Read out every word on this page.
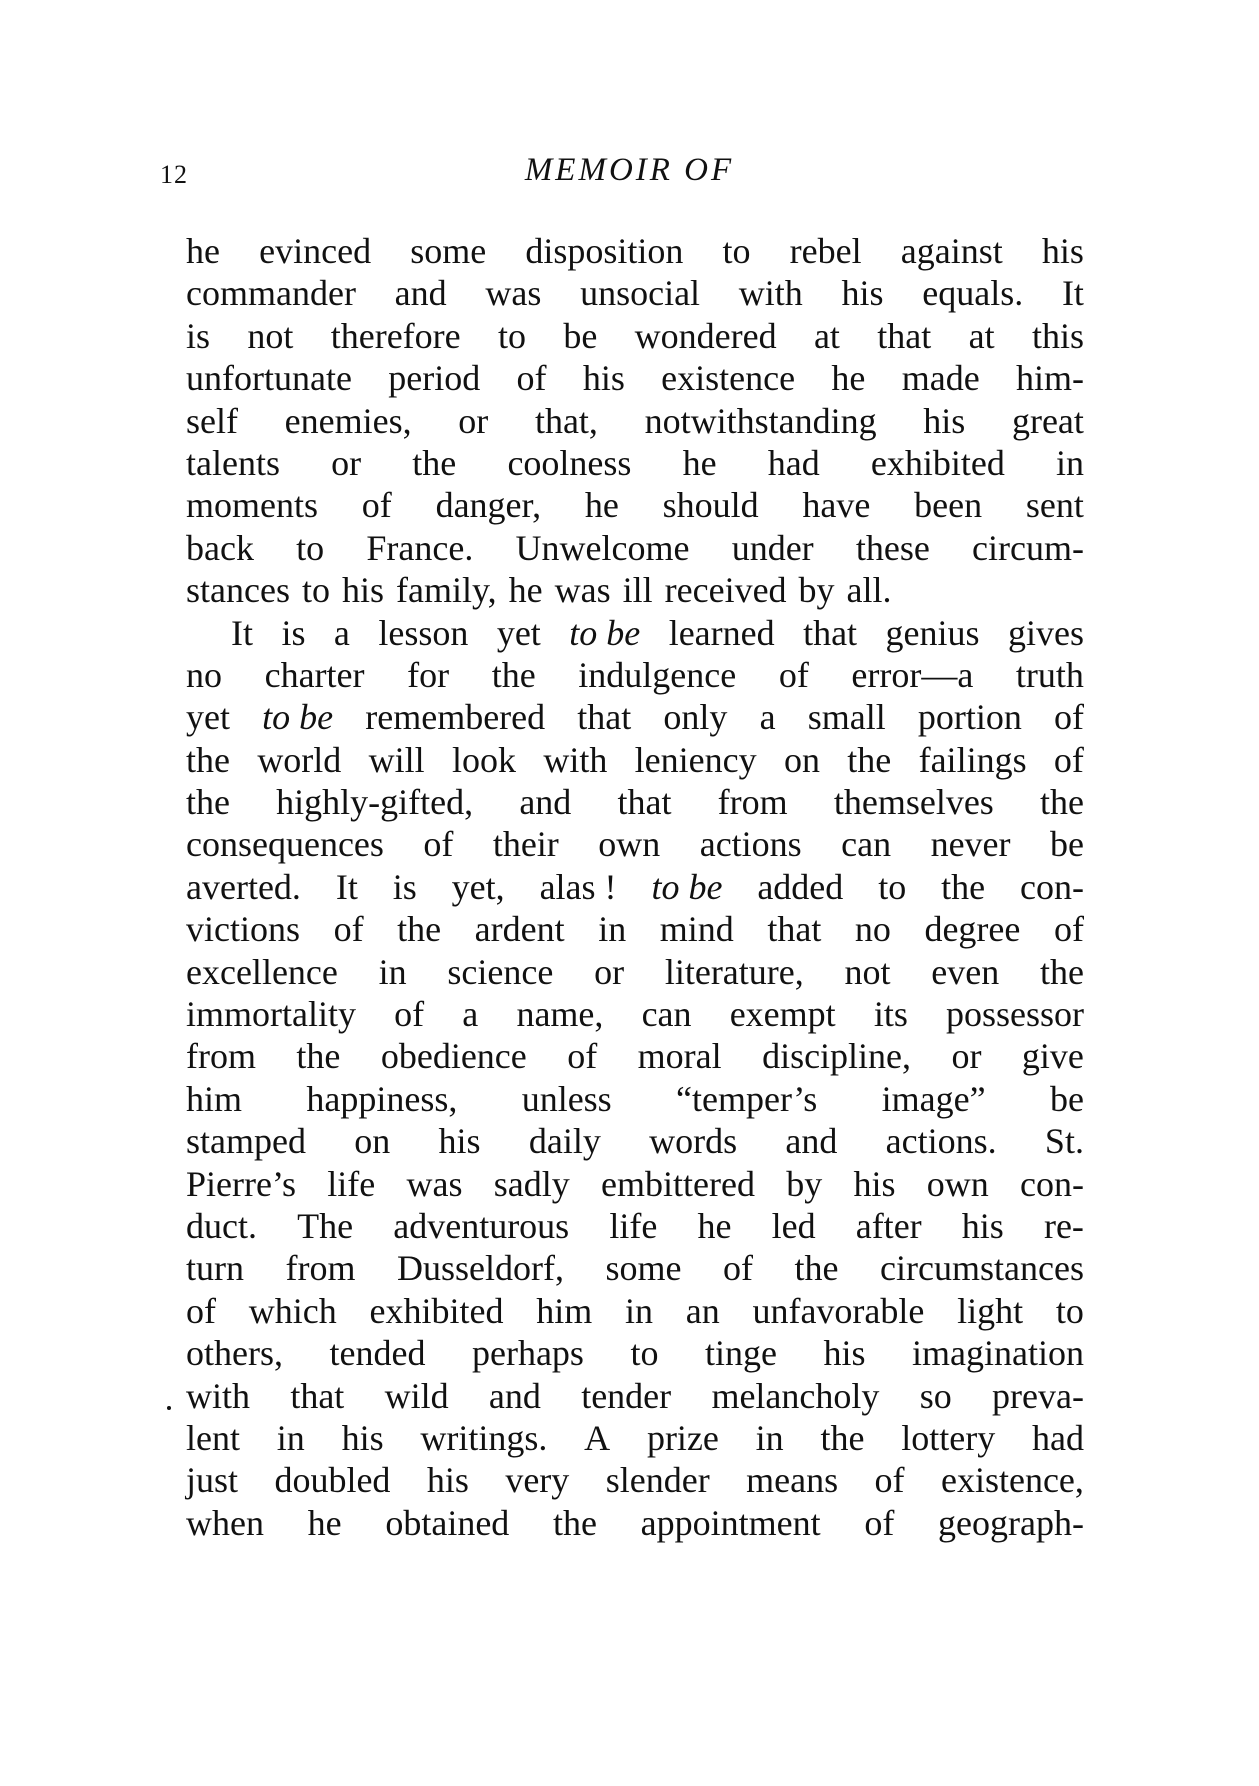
12	MEMOIR OF
he evinced some disposition to rebel against his
commander and was unsocial with his equals. It
is not therefore to be wondered at that at this
unfortunate period of his existence he made him-
self enemies, or that, notwithstanding his great
talents or the coolness he had exhibited in
moments of danger, he should have been sent
back to France. Unwelcome under these circum-
stances to his family, he was ill received by all.
It is a lesson yet to be learned that genius gives
no charter for the indulgence of error—a truth
yet to be remembered that only a small portion of
the world will look with leniency on the failings of
the highly-gifted, and that from themselves the
consequences of their own actions can never be
averted. It is yet, alas ! to be added to the con-
victions of the ardent in mind that no degree of
excellence in science or literature, not even the
immortality of a name, can exempt its possessor
from the obedience of moral discipline, or give
him happiness, unless “temper’s image” be
stamped on his daily words and actions. St.
Pierre’s life was sadly embittered by his own con-
duct. The adventurous life he led after his re-
turn from Dusseldorf, some of the circumstances
of which exhibited him in an unfavorable light to
others, tended perhaps to tinge his imagination
with that wild and tender melancholy so preva-
lent in his writings. A prize in the lottery had
just doubled his very slender means of existence,
when he obtained the appointment of geograph-
